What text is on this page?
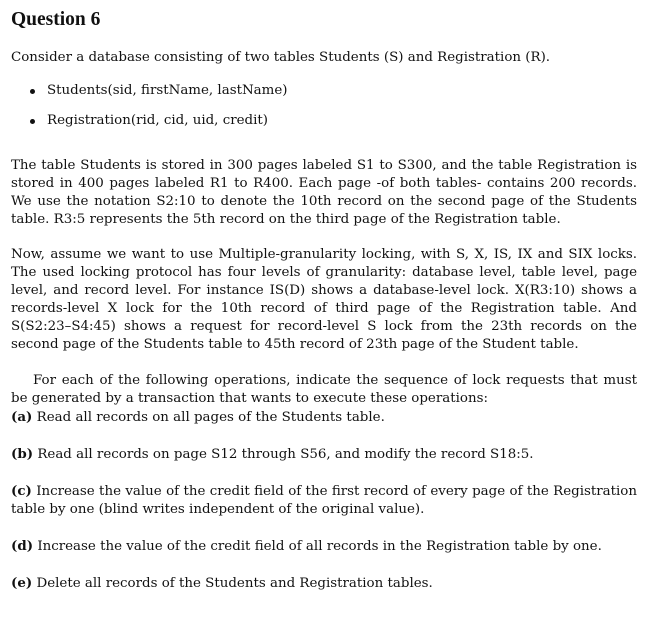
Question 6

Consider a database consisting of two tables Students (S) and Registration (R).

Students(sid, firstName, lastName)
Registration(rid, cid, uid, credit)

The table Students is stored in 300 pages labeled S1 to S300, and the table Registration is stored in 400 pages labeled R1 to R400. Each page -of both tables- contains 200 records. We use the notation S2:10 to denote the 10th record on the second page of the Students table. R3:5 represents the 5th record on the third page of the Registration table.

Now, assume we want to use Multiple-granularity locking, with S, X, IS, IX and SIX locks. The used locking protocol has four levels of granularity: database level, table level, page level, and record level. For instance IS(D) shows a database-level lock. X(R3:10) shows a records-level X lock for the 10th record of third page of the Registration table. And S(S2:23–S4:45) shows a request for record-level S lock from the 23th records on the second page of the Students table to 45th record of 23th page of the Student table.

For each of the following operations, indicate the sequence of lock requests that must be generated by a transaction that wants to execute these operations:

(a) Read all records on all pages of the Students table.

(b) Read all records on page S12 through S56, and modify the record S18:5.

(c) Increase the value of the credit field of the first record of every page of the Registration table by one (blind writes independent of the original value).

(d) Increase the value of the credit field of all records in the Registration table by one.

(e) Delete all records of the Students and Registration tables.
